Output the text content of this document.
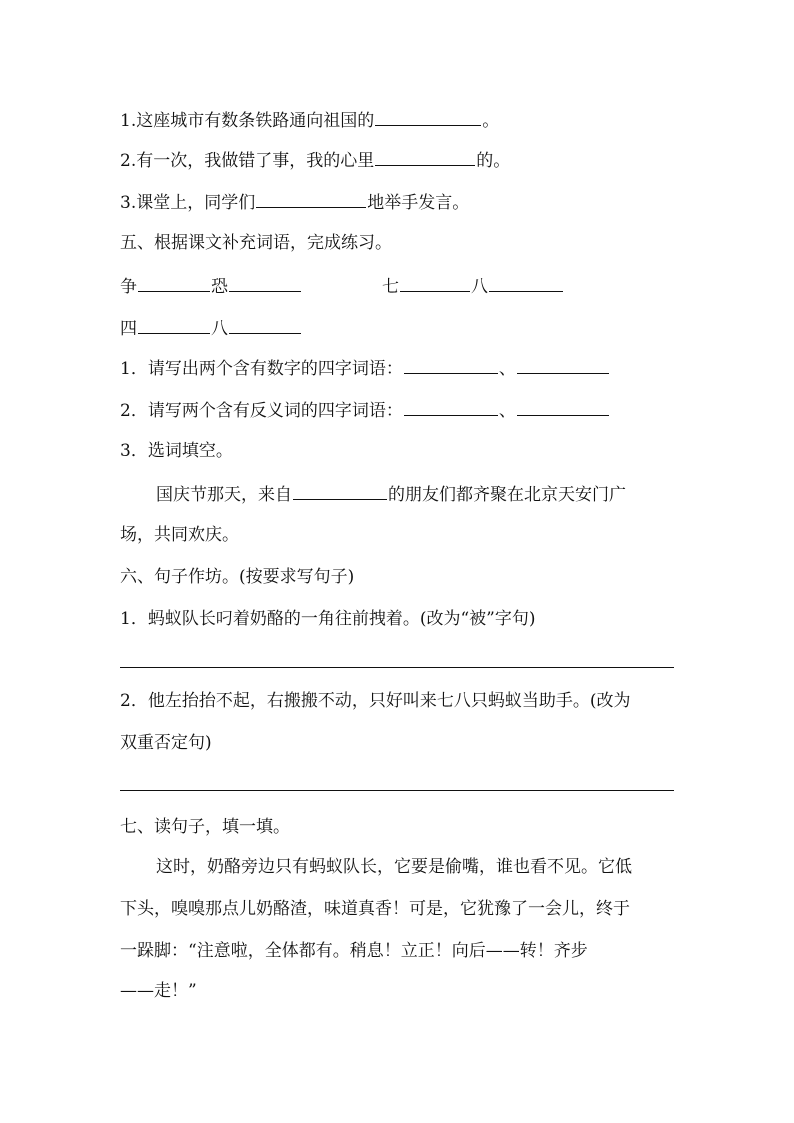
1.这座城市有数条铁路通向祖国的	。
2.有一次，我做错了事，我的心里	的。
3.课堂上，同学们	地举手发言。
五、根据课文补充词语，完成练习。
争	恐	七	八
四	八
1．请写出两个含有数字的四字词语：	、
2．请写两个含有反义词的四字词语：	、
3．选词填空。
国庆节那天，来自	的朋友们都齐聚在北京天安门广
场，共同欢庆。
六、句子作坊。(按要求写句子)
1．蚂蚁队长叼着奶酪的一角往前拽着。(改为“被”字句)
2．他左抬抬不起，右搬搬不动，只好叫来七八只蚂蚁当助手。(改为
双重否定句)
七、读句子，填一填。
这时，奶酪旁边只有蚂蚁队长，它要是偷嘴，谁也看不见。它低
下头，嗅嗅那点儿奶酪渣，味道真香！可是，它犹豫了一会儿，终于
一跺脚：“注意啦，全体都有。稍息！立正！向后——转！齐步
——走！”
